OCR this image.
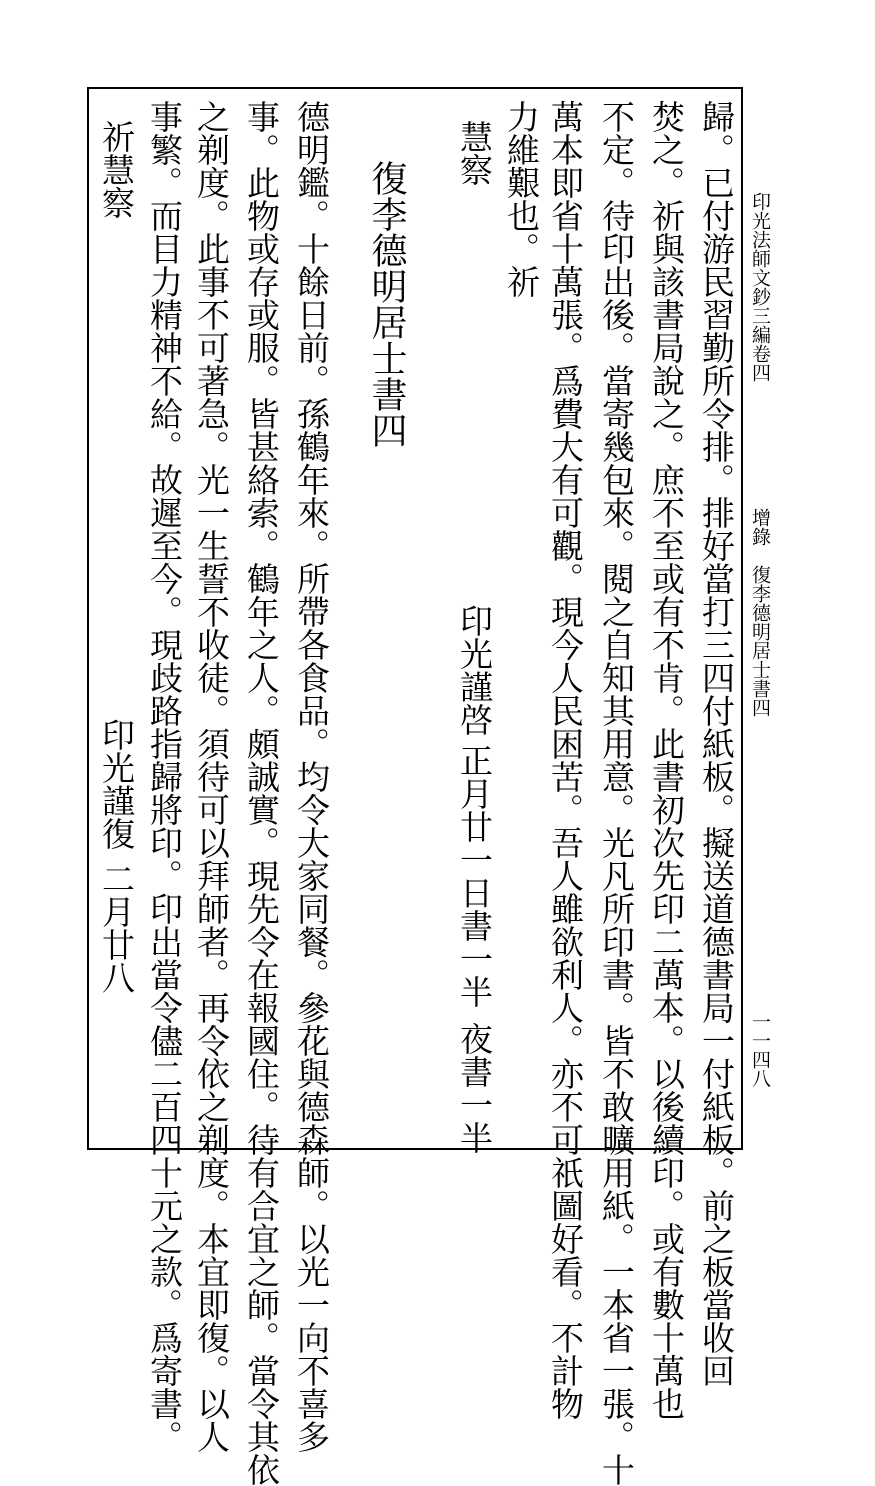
印光法師文鈔三編卷四
增錄　復李德明居士書四
一一四八
歸。已付游民習勤所令排。排好當打三四付紙板。擬送道德書局一付紙板。前之板當收回
焚之。祈與該書局說之。庶不至或有不肯。此書初次先印二萬本。以後續印。或有數十萬也
不定。待印出後。當寄幾包來。閱之自知其用意。光凡所印書。皆不敢曠用紙。一本省一張。十
萬本即省十萬張。爲費大有可觀。現今人民困苦。吾人雖欲利人。亦不可祇圖好看。不計物
力維艱也。祈
慧察
印光謹啓
正月廿一日書一半
夜書一半
復李德明居士書四
德明鑑。十餘日前。孫鶴年來。所帶各食品。均令大家同餐。參花與德森師。以光一向不喜多
事。此物或存或服。皆甚絡索。鶴年之人。頗誠實。現先令在報國住。待有合宜之師。當令其依
之剃度。此事不可著急。光一生誓不收徒。須待可以拜師者。再令依之剃度。本宜即復。以人
事繁。而目力精神不給。故遲至今。現歧路指歸將印。印出當令儘二百四十元之款。爲寄書。
祈慧察
印光謹復
二月廿八
